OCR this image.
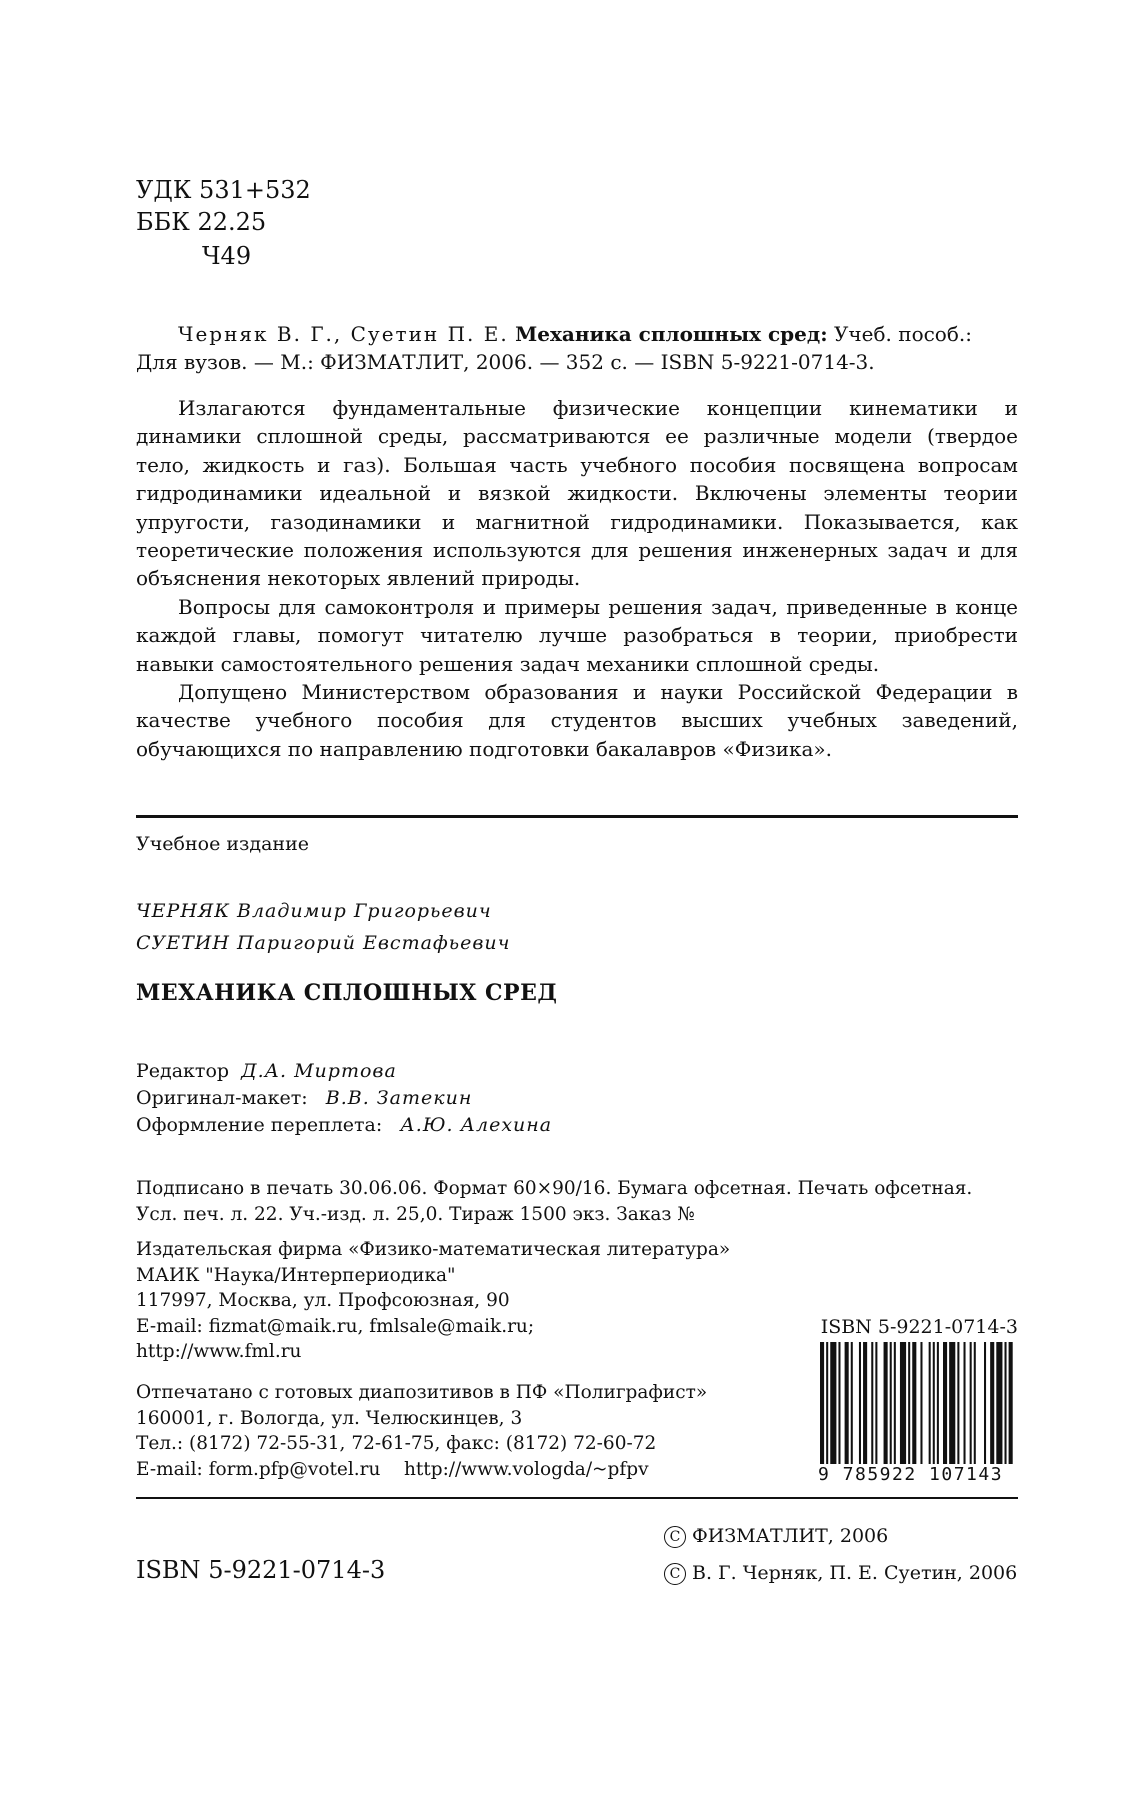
УДК 531+532
ББК 22.25
Ч49
Черняк В. Г., Суетин П. Е. Механика сплошных сред: Учеб. пособ.: Для вузов. — М.: ФИЗМАТЛИТ, 2006. — 352 с. — ISBN 5-9221-0714-3.

Излагаются фундаментальные физические концепции кинематики и динамики сплошной среды, рассматриваются ее различные модели (твердое тело, жидкость и газ). Большая часть учебного пособия посвящена вопросам гидродинамики идеальной и вязкой жидкости. Включены элементы теории упругости, газодинамики и магнитной гидродинамики. Показывается, как теоретические положения используются для решения инженерных задач и для объяснения некоторых явлений природы.

Вопросы для самоконтроля и примеры решения задач, приведенные в конце каждой главы, помогут читателю лучше разобраться в теории, приобрести навыки самостоятельного решения задач механики сплошной среды.

Допущено Министерством образования и науки Российской Федерации в качестве учебного пособия для студентов высших учебных заведений, обучающихся по направлению подготовки бакалавров «Физика».

Учебное издание
ЧЕРНЯК Владимир Григорьевич
СУЕТИН Паригорий Евстафьевич
МЕХАНИКА СПЛОШНЫХ СРЕД
Редактор Д.А. Миртова
Оригинал-макет: В.В. Затекин
Оформление переплета: А.Ю. Алехина
Подписано в печать 30.06.06. Формат 60×90/16. Бумага офсетная. Печать офсетная.
Усл. печ. л. 22. Уч.-изд. л. 25,0. Тираж 1500 экз. Заказ №
Издательская фирма «Физико-математическая литература»
МАИК "Наука/Интерпериодика"
117997, Москва, ул. Профсоюзная, 90
E-mail: fizmat@maik.ru, fmlsale@maik.ru;
http://www.fml.ru
Отпечатано с готовых диапозитивов в ПФ «Полиграфист»
160001, г. Вологда, ул. Челюскинцев, 3
Тел.: (8172) 72-55-31, 72-61-75, факс: (8172) 72-60-72
E-mail: form.pfp@votel.ru    http://www.vologda/~pfpv
ISBN 5-9221-0714-3
9 785922 107143
ISBN 5-9221-0714-3
C ФИЗМАТЛИТ, 2006
C В. Г. Черняк, П. Е. Суетин, 2006
